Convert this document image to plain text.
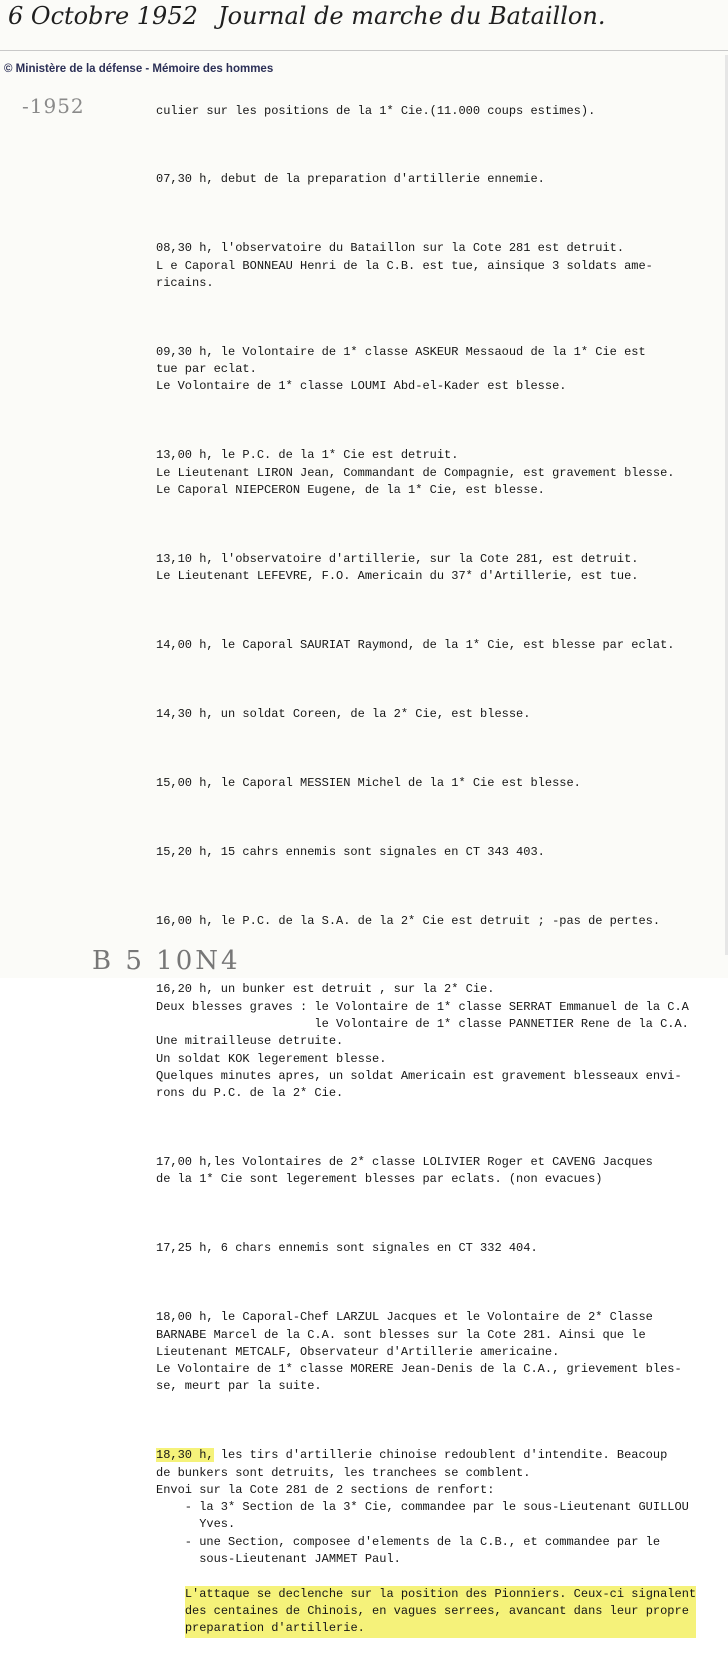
6 Octobre 1952 Journal de marche du Bataillon.
© Ministère de la défense - Mémoire des hommes
-1952

	culier sur les positions de la 1* Cie.(11.000 coups estimes).

07,30 h, debut de la preparation d'artillerie ennemie.

08,30 h, l'observatoire du Bataillon sur la Cote 281 est detruit.
L e Caporal BONNEAU Henri de la C.B. est tue, ainsique 3 soldats ame-
ricains.

09,30 h, le Volontaire de 1* classe ASKEUR Messaoud de la 1* Cie est
tue par eclat.
Le Volontaire de 1* classe LOUMI Abd-el-Kader est blesse.

13,00 h, le P.C. de la 1* Cie est detruit.
Le Lieutenant LIRON Jean, Commandant de Compagnie, est gravement blesse.
Le Caporal NIEPCERON Eugene, de la 1* Cie, est blesse.

13,10 h, l'observatoire d'artillerie, sur la Cote 281, est detruit.
Le Lieutenant LEFEVRE, F.O. Americain du 37* d'Artillerie, est tue.

14,00 h, le Caporal SAURIAT Raymond, de la 1* Cie, est blesse par eclat.

14,30 h, un soldat Coreen, de la 2* Cie, est blesse.

15,00 h, le Caporal MESSIEN Michel de la 1* Cie est blesse.

15,20 h, 15 cahrs ennemis sont signales en CT 343 403.

16,00 h, le P.C. de la S.A. de la 2* Cie est detruit ; -pas de pertes.

16,20 h, un bunker est detruit , sur la 2* Cie.
Deux blesses graves : le Volontaire de 1* classe SERRAT Emmanuel de la C.A
le Volontaire de 1* classe PANNETIER Rene de la C.A.
Une mitrailleuse detruite.
Un soldat KOK legerement blesse.
Quelques minutes apres, un soldat Americain est gravement blesseaux envi-
rons du P.C. de la 2* Cie.

17,00 h,les Volontaires de 2* classe LOLIVIER Roger et CAVENG Jacques
de la 1* Cie sont legerement blesses par eclats. (non evacues)

17,25 h, 6 chars ennemis sont signales en CT 332 404.

18,00 h, le Caporal-Chef LARZUL Jacques et le Volontaire de 2* Classe
BARNABE Marcel de la C.A. sont blesses sur la Cote 281. Ainsi que le
Lieutenant METCALF, Observateur d'Artillerie americaine.
Le Volontaire de 1* classe MORERE Jean-Denis de la C.A., grievement bles-
se, meurt par la suite.

18,30 h, les tirs d'artillerie chinoise redoublent d'intendite. Beacoup
de bunkers sont detruits, les tranchees se comblent.
Envoi sur la Cote 281 de 2 sections de renfort:
- la 3* Section de la 3* Cie, commandee par le sous-Lieutenant GUILLOU
Yves.
- une Section, composee d'elements de la C.B., et commandee par le
sous-Lieutenant JAMMET Paul.

L'attaque se declenche sur la position des Pionniers. Ceux-ci signalent
des centaines de Chinois, en vagues serrees, avancant dans leur propre
preparation d'artillerie.

B 5 10N4
